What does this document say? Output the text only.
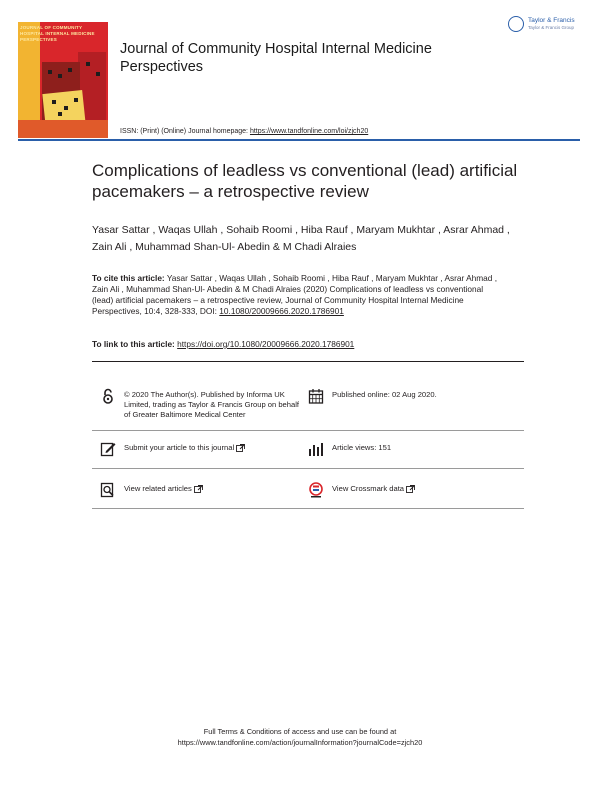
JOURNAL OF COMMUNITY HOSPITAL INTERNAL MEDICINE PERSPECTIVES
Journal of Community Hospital Internal Medicine Perspectives
Taylor & Francis
Taylor & Francis Group
ISSN: (Print) (Online) Journal homepage: https://www.tandfonline.com/loi/zjch20
Complications of leadless vs conventional (lead) artificial pacemakers – a retrospective review
Yasar Sattar , Waqas Ullah , Sohaib Roomi , Hiba Rauf , Maryam Mukhtar , Asrar Ahmad , Zain Ali , Muhammad Shan-Ul- Abedin & M Chadi Alraies
To cite this article: Yasar Sattar , Waqas Ullah , Sohaib Roomi , Hiba Rauf , Maryam Mukhtar , Asrar Ahmad , Zain Ali , Muhammad Shan-Ul- Abedin & M Chadi Alraies (2020) Complications of leadless vs conventional (lead) artificial pacemakers – a retrospective review, Journal of Community Hospital Internal Medicine Perspectives, 10:4, 328-333, DOI: 10.1080/20009666.2020.1786901
To link to this article: https://doi.org/10.1080/20009666.2020.1786901
© 2020 The Author(s). Published by Informa UK Limited, trading as Taylor & Francis Group on behalf of Greater Baltimore Medical Center
Published online: 02 Aug 2020.
Submit your article to this journal	Article views: 151
View related articles	View Crossmark data
Full Terms & Conditions of access and use can be found at
https://www.tandfonline.com/action/journalInformation?journalCode=zjch20
